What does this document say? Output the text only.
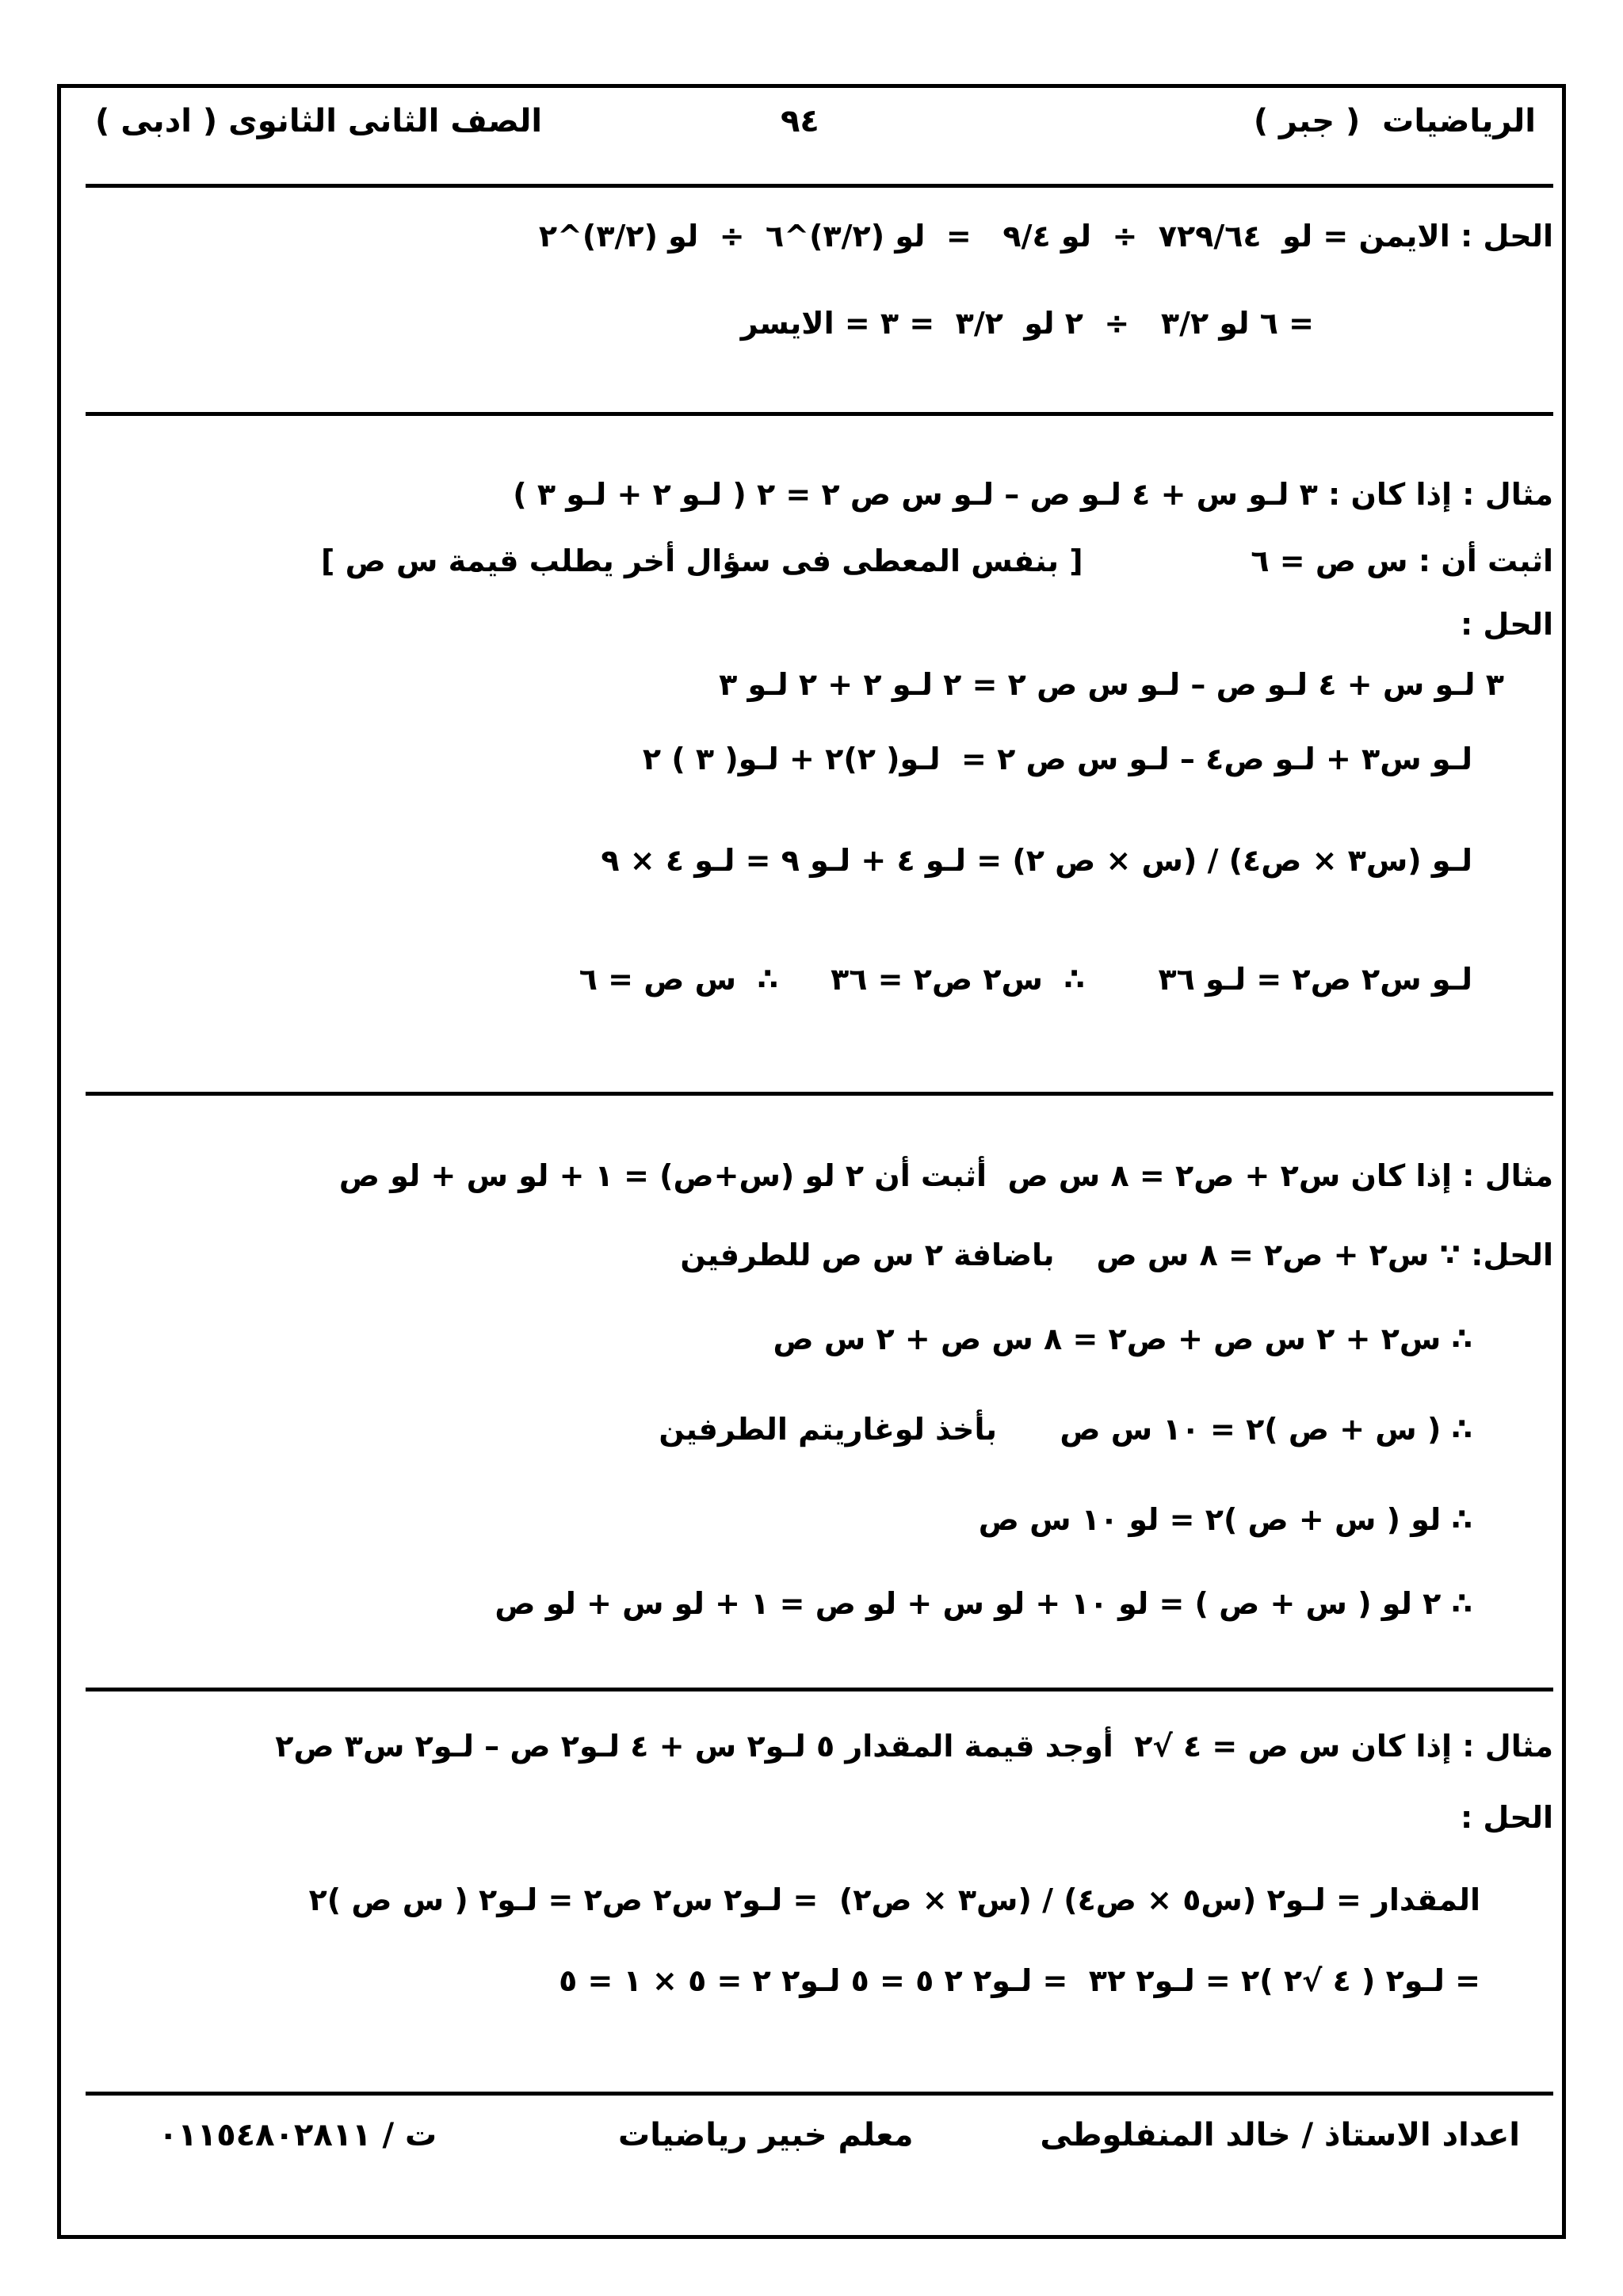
الرياضيات  ( جبر )
٩٤
الصف الثانى الثانوى ( ادبى )
الحل : الايمن = لو  ٧٢٩/٦٤  ÷  لو ٩/٤   =  لو (٣/٢)^٦  ÷  لو (٣/٢)^٢
= ٦ لو ٣/٢   ÷  ٢ لو  ٣/٢  = ٣ = الايسر
مثال : إذا كان : ٣ لـو س + ٤ لـو ص – لـو س ص ٢ = ٢ ( لـو ٢ + لـو ٣ )
اثبت أن : س ص = ٦                [ بنفس المعطى فى سؤال أخر يطلب قيمة س ص ]
الحل :
٣ لـو س + ٤ لـو ص – لـو س ص ٢ = ٢ لـو ٢ + ٢ لـو ٣
لـو س٣ + لـو ص٤ – لـو س ص ٢ =  لـو( ٢)٢ + لـو( ٣ ) ٢
لـو (س٣ × ص٤) / (س × ص ٢) = لـو ٤ + لـو ٩ = لـو ٤ × ٩
لـو س٢ ص٢ = لـو ٣٦       ∴  س٢ ص٢ = ٣٦     ∴  س ص = ٦
مثال : إذا كان س٢ + ص٢ = ٨ س ص  أثبت أن ٢ لو (س+ص) = ١ + لو س + لو ص
الحل: ∵ س٢ + ص٢ = ٨ س ص    باضافة ٢ س ص للطرفين
∴ س٢ + ٢ س ص + ص٢ = ٨ س ص + ٢ س ص
∴ ( س + ص )٢ = ١٠ س ص      بأخذ لوغاريتم الطرفين
∴ لو ( س + ص )٢ = لو ١٠ س ص
∴ ٢ لو ( س + ص ) = لو ١٠ + لو س + لو ص = ١ + لو س + لو ص
مثال : إذا كان س ص = ٤ √٢  أوجد قيمة المقدار ٥ لـو٢ س + ٤ لـو٢ ص – لـو٢ س٣ ص٢
الحل :
المقدار = لـو٢ (س٥ × ص٤) / (س٣ × ص٢)  = لـو٢ س٢ ص٢ = لـو٢ ( س ص )٢
= لـو٢ ( ٤ √٢ )٢ = لـو٢ ٣٢  = لـو٢ ٢ ٥ = ٥ لـو٢ ٢ = ٥ × ١ = ٥
اعداد الاستاذ / خالد المنفلوطى
معلم خبير رياضيات
ت / ٠١١٥٤٨٠٢٨١١
